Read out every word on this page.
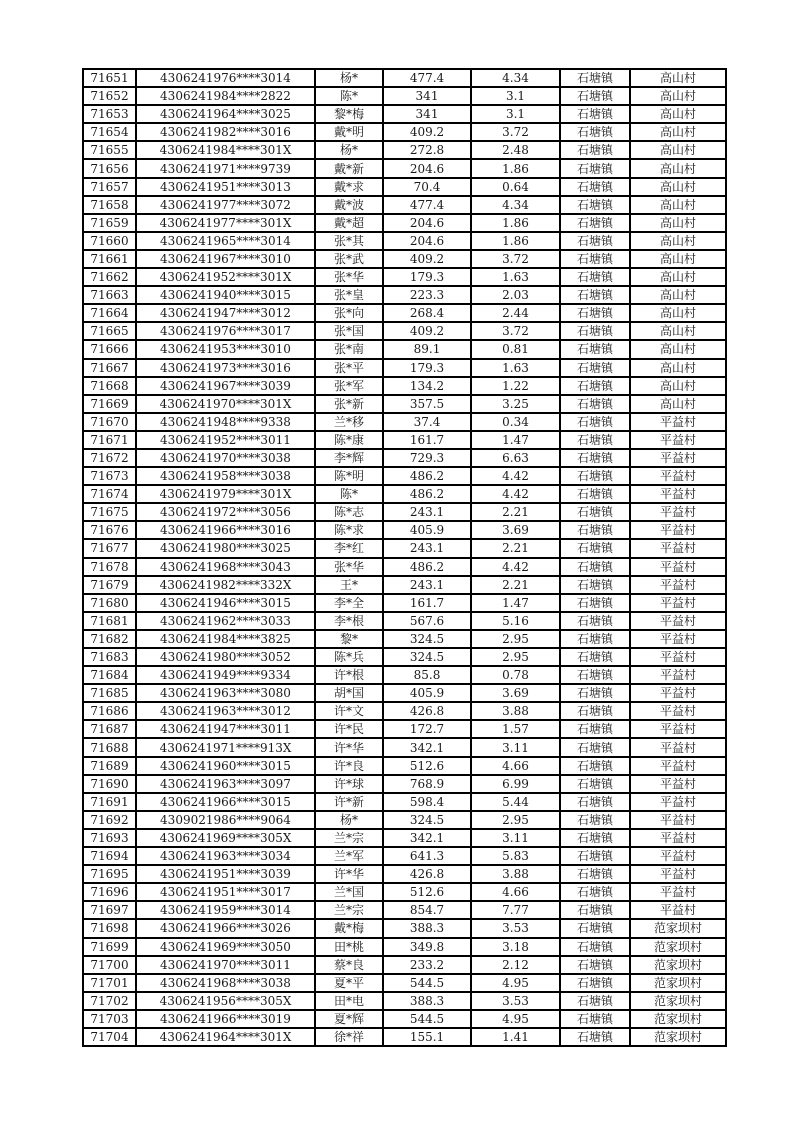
71651	4306241976****3014	杨*	477.4	4.34	石塘镇	高山村
71652	4306241984****2822	陈*	341	3.1	石塘镇	高山村
71653	4306241964****3025	黎*梅	341	3.1	石塘镇	高山村
71654	4306241982****3016	戴*明	409.2	3.72	石塘镇	高山村
71655	4306241984****301X	杨*	272.8	2.48	石塘镇	高山村
71656	4306241971****9739	戴*新	204.6	1.86	石塘镇	高山村
71657	4306241951****3013	戴*求	70.4	0.64	石塘镇	高山村
71658	4306241977****3072	戴*波	477.4	4.34	石塘镇	高山村
71659	4306241977****301X	戴*超	204.6	1.86	石塘镇	高山村
71660	4306241965****3014	张*其	204.6	1.86	石塘镇	高山村
71661	4306241967****3010	张*武	409.2	3.72	石塘镇	高山村
71662	4306241952****301X	张*华	179.3	1.63	石塘镇	高山村
71663	4306241940****3015	张*皇	223.3	2.03	石塘镇	高山村
71664	4306241947****3012	张*向	268.4	2.44	石塘镇	高山村
71665	4306241976****3017	张*国	409.2	3.72	石塘镇	高山村
71666	4306241953****3010	张*南	89.1	0.81	石塘镇	高山村
71667	4306241973****3016	张*平	179.3	1.63	石塘镇	高山村
71668	4306241967****3039	张*军	134.2	1.22	石塘镇	高山村
71669	4306241970****301X	张*新	357.5	3.25	石塘镇	高山村
71670	4306241948****9338	兰*移	37.4	0.34	石塘镇	平益村
71671	4306241952****3011	陈*康	161.7	1.47	石塘镇	平益村
71672	4306241970****3038	李*辉	729.3	6.63	石塘镇	平益村
71673	4306241958****3038	陈*明	486.2	4.42	石塘镇	平益村
71674	4306241979****301X	陈*	486.2	4.42	石塘镇	平益村
71675	4306241972****3056	陈*志	243.1	2.21	石塘镇	平益村
71676	4306241966****3016	陈*求	405.9	3.69	石塘镇	平益村
71677	4306241980****3025	李*红	243.1	2.21	石塘镇	平益村
71678	4306241968****3043	张*华	486.2	4.42	石塘镇	平益村
71679	4306241982****332X	王*	243.1	2.21	石塘镇	平益村
71680	4306241946****3015	李*全	161.7	1.47	石塘镇	平益村
71681	4306241962****3033	李*根	567.6	5.16	石塘镇	平益村
71682	4306241984****3825	黎*	324.5	2.95	石塘镇	平益村
71683	4306241980****3052	陈*兵	324.5	2.95	石塘镇	平益村
71684	4306241949****9334	许*根	85.8	0.78	石塘镇	平益村
71685	4306241963****3080	胡*国	405.9	3.69	石塘镇	平益村
71686	4306241963****3012	许*文	426.8	3.88	石塘镇	平益村
71687	4306241947****3011	许*民	172.7	1.57	石塘镇	平益村
71688	4306241971****913X	许*华	342.1	3.11	石塘镇	平益村
71689	4306241960****3015	许*良	512.6	4.66	石塘镇	平益村
71690	4306241963****3097	许*球	768.9	6.99	石塘镇	平益村
71691	4306241966****3015	许*新	598.4	5.44	石塘镇	平益村
71692	4309021986****9064	杨*	324.5	2.95	石塘镇	平益村
71693	4306241969****305X	兰*宗	342.1	3.11	石塘镇	平益村
71694	4306241963****3034	兰*军	641.3	5.83	石塘镇	平益村
71695	4306241951****3039	许*华	426.8	3.88	石塘镇	平益村
71696	4306241951****3017	兰*国	512.6	4.66	石塘镇	平益村
71697	4306241959****3014	兰*宗	854.7	7.77	石塘镇	平益村
71698	4306241966****3026	戴*梅	388.3	3.53	石塘镇	范家坝村
71699	4306241969****3050	田*桃	349.8	3.18	石塘镇	范家坝村
71700	4306241970****3011	蔡*良	233.2	2.12	石塘镇	范家坝村
71701	4306241968****3038	夏*平	544.5	4.95	石塘镇	范家坝村
71702	4306241956****305X	田*电	388.3	3.53	石塘镇	范家坝村
71703	4306241966****3019	夏*辉	544.5	4.95	石塘镇	范家坝村
71704	4306241964****301X	徐*祥	155.1	1.41	石塘镇	范家坝村
